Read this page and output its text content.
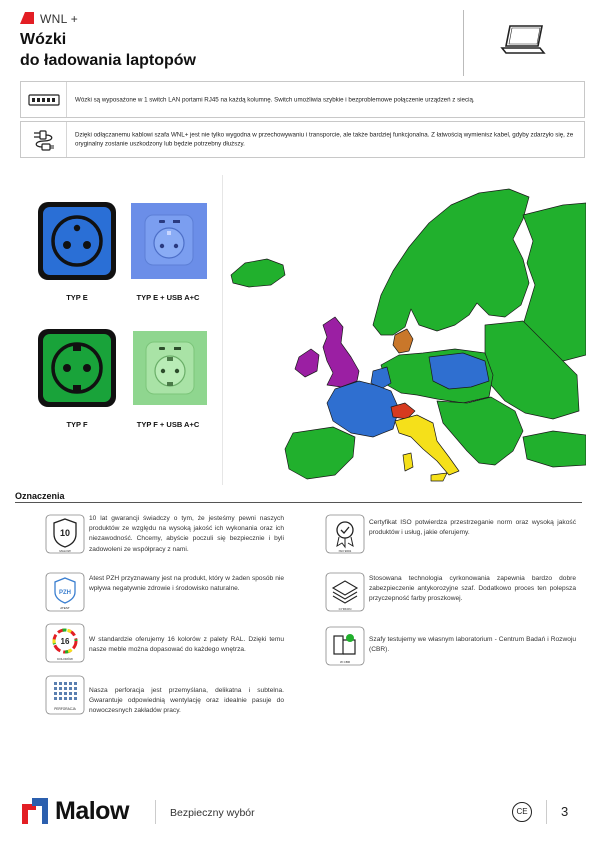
WNL +
Wózki
do ładowania laptopów
Wózki są wyposażone w 1 switch LAN portami RJ45 na każdą kolumnę. Switch umożliwia szybkie i bezproblemowe połączenie urządzeń z siecią.
Dzięki odłączanemu kablowi szafa WNL+ jest nie tylko wygodna w przechowywaniu i transporcie, ale także bardziej funkcjonalna. Z łatwością wymienisz kabel, gdyby zdarzyło się, że oryginalny zostanie uszkodzony lub będzie potrzebny dłuższy.
TYP E	TYP E + USB A+C
TYP F	TYP F + USB A+C
Oznaczenia
10
MALOW
10 lat gwarancji świadczy o tym, że jesteśmy pewni naszych produktów ze względu na wysoką jakość ich wykonania oraz ich niezawodność. Chcemy, abyście poczuli się bezpiecznie i byli zadowoleni ze współpracy z nami.	ISO 9001
Certyfikat ISO potwierdza przestrzeganie norm oraz wysoką jakość produktów i usług, jakie oferujemy.
PZH
ATEST
Atest PZH przyznawany jest na produkt, który w żaden sposób nie wpływa negatywnie zdrowie i środowisko naturalne.
CYRKON
Stosowana technologia cyrkonowania zapewnia bardzo dobre zabezpieczenie antykorozyjne szaf. Dodatkowo proces ten polepsza przyczepność farby proszkowej.
16
KOLORÓW
W standardzie oferujemy 16 kolorów z palety RAL. Dzięki temu nasze meble można dopasować do każdego wnętrza.
W CBR
Szafy testujemy we własnym laboratorium - Centrum Badań i Rozwoju (CBR).
PERFORACJA
Nasza perforacja jest przemyślana, delikatna i subtelna. Gwarantuje odpowiednią wentylację oraz idealnie pasuje do nowoczesnych zakładów pracy.
Malow	Bezpieczny wybór	CE	3
